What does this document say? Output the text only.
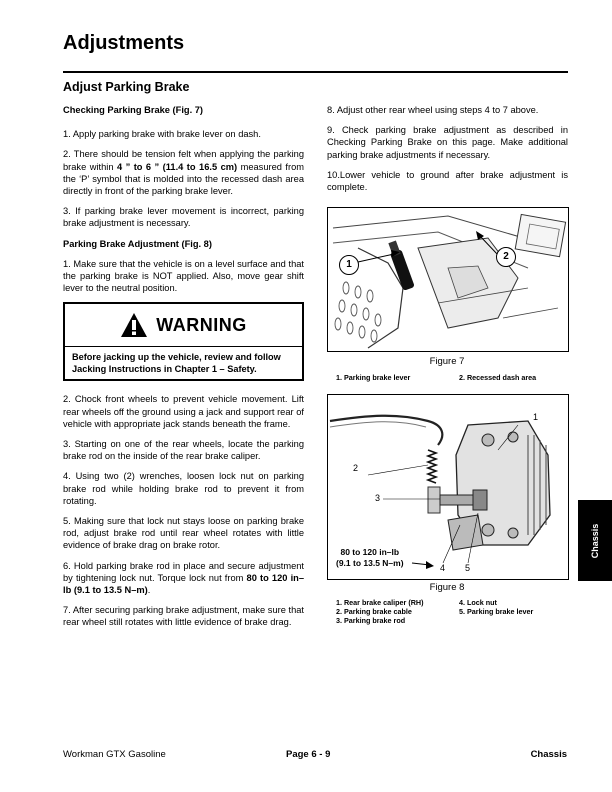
Adjustments
Adjust Parking Brake

Checking Parking Brake (Fig. 7)

1. Apply parking brake with brake lever on dash.

2. There should be tension felt when applying the parking brake within 4 ” to 6 ” (11.4 to 16.5 cm) measured from the ‘P’ symbol that is molded into the recessed dash area directly in front of the parking brake lever.

3. If parking brake lever movement is incorrect, parking brake adjustment is necessary.

Parking Brake Adjustment (Fig. 8)

1. Make sure that the vehicle is on a level surface and that the parking brake is NOT applied. Also, move gear shift lever to the neutral position.

WARNING
Before jacking up the vehicle, review and follow Jacking Instructions in Chapter 1 – Safety.

2. Chock front wheels to prevent vehicle movement. Lift rear wheels off the ground using a jack and support rear of vehicle with appropriate jack stands beneath the frame.

3. Starting on one of the rear wheels, locate the parking brake rod on the inside of the rear brake caliper.

4. Using two (2) wrenches, loosen lock nut on parking brake rod while holding brake rod to prevent it from rotating.

5. Making sure that lock nut stays loose on parking brake rod, adjust brake rod until rear wheel rotates with little evidence of brake drag on brake rotor.

6. Hold parking brake rod in place and secure adjustment by tightening lock nut. Torque lock nut from 80 to 120 in–lb (9.1 to 13.5 N–m).

7. After securing parking brake adjustment, make sure that rear wheel still rotates with little evidence of brake drag.

8. Adjust other rear wheel using steps 4 to 7 above.

9. Check parking brake adjustment as described in Checking Parking Brake on this page. Make additional parking brake adjustments if necessary.

10.Lower vehicle to ground after brake adjustment is complete.

1
2
Figure 7
1. Parking brake lever	2. Recessed dash area
1
2
3
4 5
80 to 120 in–lb
(9.1 to 13.5 N–m)
Figure 8
1. Rear brake caliper (RH)	4. Lock nut
2. Parking brake cable	5. Parking brake lever
3. Parking brake rod
Chassis
Workman GTX Gasoline	Page 6 - 9	Chassis
